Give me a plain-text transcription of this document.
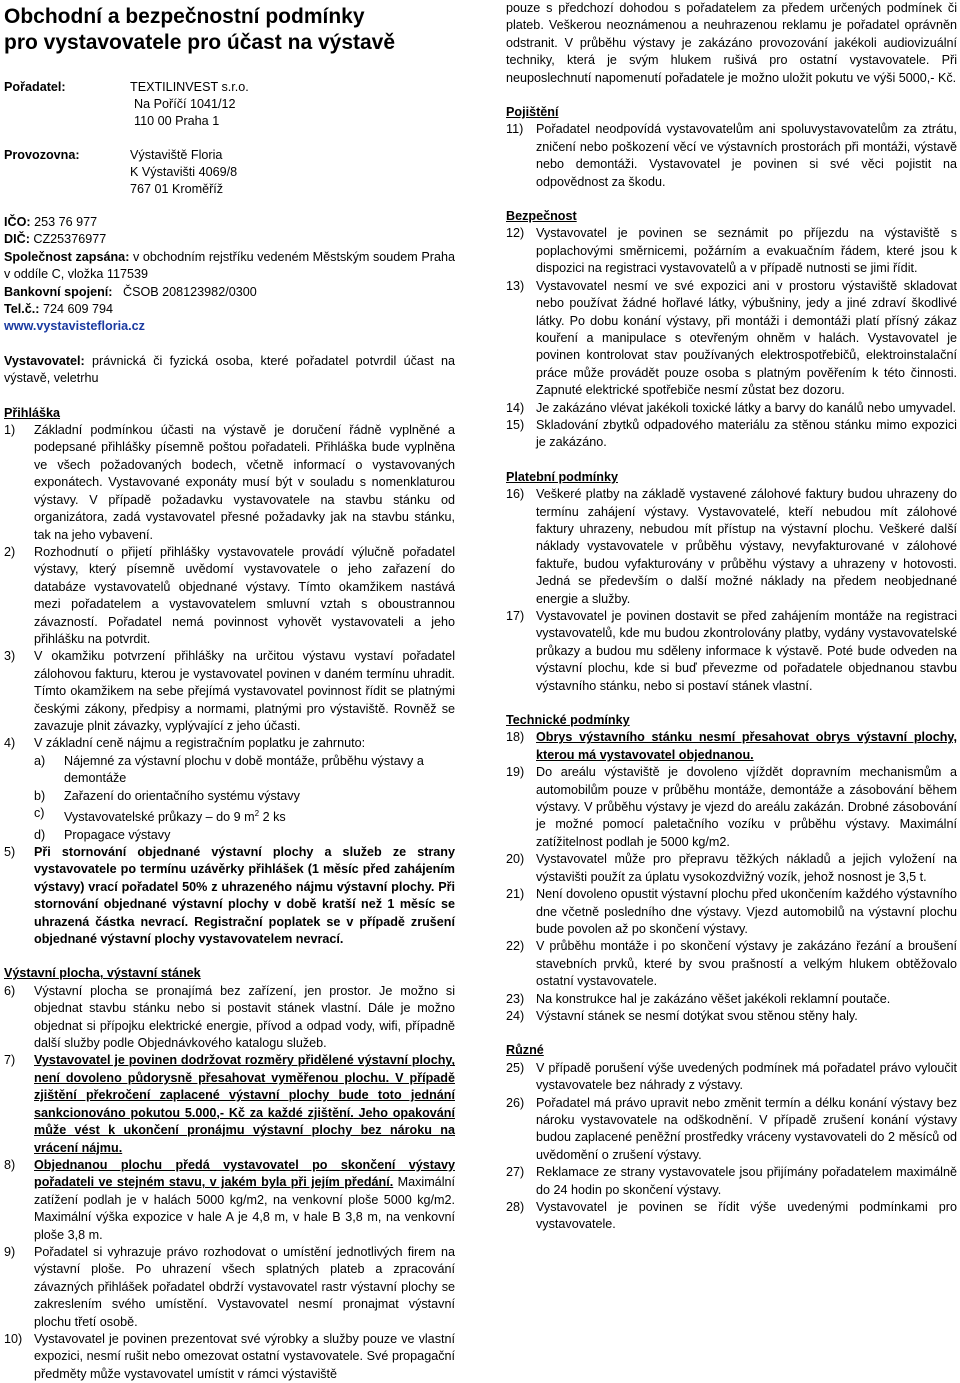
Obchodní a bezpečnostní podmínky
pro vystavovatele pro účast na výstavě
Pořadatel:	TEXTILINVEST s.r.o.
Na Poříčí 1041/12
110 00 Praha 1
Provozovna:	Výstaviště Floria
K Výstavišti 4069/8
767 01 Kroměříž
IČO: 253 76 977
DIČ: CZ25376977
Společnost zapsána: v obchodním rejstříku vedeném Městským soudem Praha v oddíle C, vložka 117539
Bankovní spojení: ČSOB 208123982/0300
Tel.č.: 724 609 794
www.vystavistefloria.cz
Vystavovatel: právnická či fyzická osoba, které pořadatel potvrdil účast na výstavě, veletrhu
Přihláška
1) Základní podmínkou účasti na výstavě je doručení řádně vyplněné a podepsané přihlášky písemně poštou pořadateli. Přihláška bude vyplněna ve všech požadovaných bodech, včetně informací o vystavovaných exponátech. Vystavované exponáty musí být v souladu s nomenklaturou výstavy. V případě požadavku vystavovatele na stavbu stánku od organizátora, zadá vystavovatel přesné požadavky jak na stavbu stánku, tak na jeho vybavení.
2) Rozhodnutí o přijetí přihlášky vystavovatele provádí výlučně pořadatel výstavy, který písemně uvědomí vystavovatele o jeho zařazení do databáze vystavovatelů objednané výstavy. Tímto okamžikem nastává mezi pořadatelem a vystavovatelem smluvní vztah s oboustrannou závazností. Pořadatel nemá povinnost vyhovět vystavovateli a jeho přihlášku na potvrdit.
3) V okamžiku potvrzení přihlášky na určitou výstavu vystaví pořadatel zálohovou fakturu, kterou je vystavovatel povinen v daném termínu uhradit. Tímto okamžikem na sebe přejímá vystavovatel povinnost řídit se platnými českými zákony, předpisy a normami, platnými pro výstaviště. Rovněž se zavazuje plnit závazky, vyplývající z jeho účasti.
4) V základní ceně nájmu a registračním poplatku je zahrnuto:
a) Nájemné za výstavní plochu v době montáže, průběhu výstavy a demontáže
b) Zařazení do orientačního systému výstavy
c) Vystavovatelské průkazy – do 9 $m^2$ 2 ks
d) Propagace výstavy
5) Při stornování objednané výstavní plochy a služeb ze strany vystavovatele po termínu uzávěrky přihlášek (1 měsíc před zahájením výstavy) vrací pořadatel 50% z uhrazeného nájmu výstavní plochy. Při stornování objednané výstavní plochy v době kratší než 1 měsíc se uhrazená částka nevrací. Registrační poplatek se v případě zrušení objednané výstavní plochy vystavovatelem nevrací.
Výstavní plocha, výstavní stánek
6) Výstavní plocha se pronajímá bez zařízení, jen prostor. Je možno si objednat stavbu stánku nebo si postavit stánek vlastní. Dále je možno objednat si přípojku elektrické energie, přívod a odpad vody, wifi, případně další služby podle Objednávkového katalogu služeb.
7) Vystavovatel je povinen dodržovat rozměry přidělené výstavní plochy, není dovoleno půdorysně přesahovat vyměřenou plochu. V případě zjištění překročení zaplacené výstavní plochy bude toto jednání sankcionováno pokutou 5.000,- Kč za každé zjištění. Jeho opakování může vést k ukončení pronájmu výstavní plochy bez nároku na vrácení nájmu.
8) Objednanou plochu předá vystavovatel po skončení výstavy pořadateli ve stejném stavu, v jakém byla při jejím předání. Maximální zatížení podlah je v halách 5000 kg/m2, na venkovní ploše 5000 kg/m2. Maximální výška expozice v hale A je 4,8 m, v hale B 3,8 m, na venkovní ploše 3,8 m.
9) Pořadatel si vyhrazuje právo rozhodovat o umístění jednotlivých firem na výstavní ploše. Po uhrazení všech splatných plateb a zpracování závazných přihlášek pořadatel obdrží vystavovatel rastr výstavní plochy se zakreslením svého umístění. Vystavovatel nesmí pronajmat výstavní plochu třetí osobě.
10) Vystavovatel je povinen prezentovat své výrobky a služby pouze ve vlastní expozici, nesmí rušit nebo omezovat ostatní vystavovatele. Své propagační předměty může vystavovatel umístit v rámci výstaviště
pouze s předchozí dohodou s pořadatelem za předem určených podmínek či plateb. Veškerou neoznámenou a neuhrazenou reklamu je pořadatel oprávněn odstranit. V průběhu výstavy je zakázáno provozování jakékoli audiovizuální techniky, která je svým hlukem rušivá pro ostatní vystavovatele. Při neuposlechnutí napomenutí pořadatele je možno uložit pokutu ve výši 5000,- Kč.
Pojištění
11) Pořadatel neodpovídá vystavovatelům ani spoluvystavovatelům za ztrátu, zničení nebo poškození věcí ve výstavních prostorách při montáži, výstavě nebo demontáži. Vystavovatel je povinen si své věci pojistit na odpovědnost za škodu.
Bezpečnost
12) Vystavovatel je povinen se seznámit po příjezdu na výstaviště s poplachovými směrnicemi, požárním a evakuačním řádem, které jsou k dispozici na registraci vystavovatelů a v případě nutnosti se jimi řídit.
13) Vystavovatel nesmí ve své expozici ani v prostoru výstaviště skladovat nebo používat žádné hořlavé látky, výbušniny, jedy a jiné zdraví škodlivé látky. Po dobu konání výstavy, při montáži i demontáži platí přísný zákaz kouření a manipulace s otevřeným ohněm v halách. Vystavovatel je povinen kontrolovat stav používaných elektrospotřebičů, elektroinstalační práce může provádět pouze osoba s platným pověřením k této činnosti. Zapnuté elektrické spotřebiče nesmí zůstat bez dozoru.
14) Je zakázáno vlévat jakékoli toxické látky a barvy do kanálů nebo umyvadel.
15) Skladování zbytků odpadového materiálu za stěnou stánku mimo expozici je zakázáno.
Platební podmínky
16) Veškeré platby na základě vystavené zálohové faktury budou uhrazeny do termínu zahájení výstavy. Vystavovatelé, kteří nebudou mít zálohové faktury uhrazeny, nebudou mít přístup na výstavní plochu. Veškeré další náklady vystavovatele v průběhu výstavy, nevyfakturované v zálohové faktuře, budou vyfakturovány v průběhu výstavy a uhrazeny v hotovosti. Jedná se především o další možné náklady na předem neobjednané energie a služby.
17) Vystavovatel je povinen dostavit se před zahájením montáže na registraci vystavovatelů, kde mu budou zkontrolovány platby, vydány vystavovatelské průkazy a budou mu sděleny informace k výstavě. Poté bude odveden na výstavní plochu, kde si buď převezme od pořadatele objednanou stavbu výstavního stánku, nebo si postaví stánek vlastní.
Technické podmínky
18) Obrys výstavního stánku nesmí přesahovat obrys výstavní plochy, kterou má vystavovatel objednanou.
19) Do areálu výstaviště je dovoleno vjíždět dopravním mechanismům a automobilům pouze v průběhu montáže, demontáže a zásobování během výstavy. V průběhu výstavy je vjezd do areálu zakázán. Drobné zásobování je možné pomocí paletačního vozíku v průběhu výstavy. Maximální zatížitelnost podlah je 5000 kg/m2.
20) Vystavovatel může pro přepravu těžkých nákladů a jejich vyložení na výstavišti použít za úplatu vysokozdvižný vozík, jehož nosnost je 3,5 t.
21) Není dovoleno opustit výstavní plochu před ukončením každého výstavního dne včetně posledního dne výstavy. Vjezd automobilů na výstavní plochu bude povolen až po skončení výstavy.
22) V průběhu montáže i po skončení výstavy je zakázáno řezání a broušení stavebních prvků, které by svou prašností a velkým hlukem obtěžovalo ostatní vystavovatele.
23) Na konstrukce hal je zakázáno věšet jakékoli reklamní poutače.
24) Výstavní stánek se nesmí dotýkat svou stěnou stěny haly.
Různé
25) V případě porušení výše uvedených podmínek má pořadatel právo vyloučit vystavovatele bez náhrady z výstavy.
26) Pořadatel má právo upravit nebo změnit termín a délku konání výstavy bez nároku vystavovatele na odškodnění. V případě zrušení konání výstavy budou zaplacené peněžní prostředky vráceny vystavovateli do 2 měsíců od uvědomění o zrušení výstavy.
27) Reklamace ze strany vystavovatele jsou přijímány pořadatelem maximálně do 24 hodin po skončení výstavy.
28) Vystavovatel je povinen se řídit výše uvedenými podmínkami pro vystavovatele.
